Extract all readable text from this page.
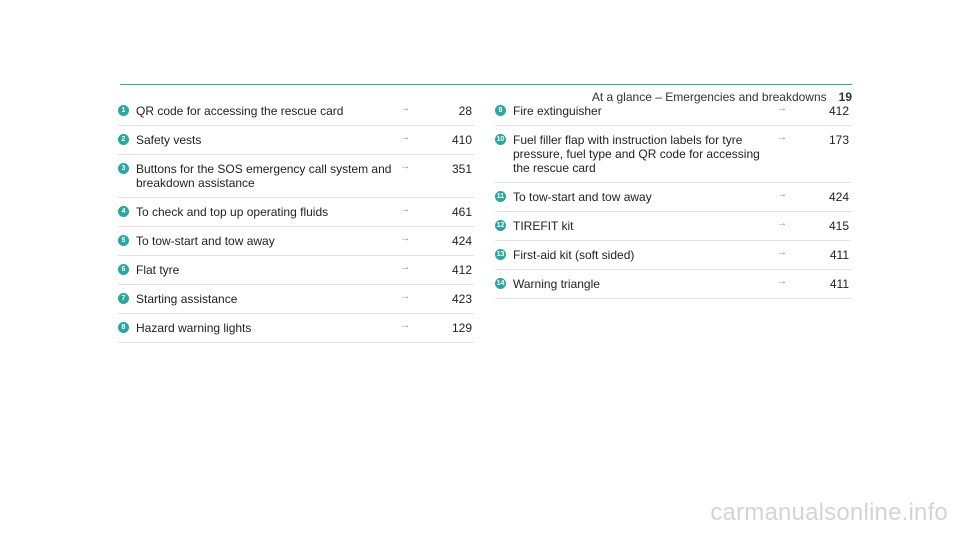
At a glance – Emergencies and breakdowns 19
1 QR code for accessing the rescue card	→	28
2 Safety vests	→	410
3 Buttons for the SOS emergency call system and breakdown assistance
→	351
4 To check and top up operating fluids	→	461
5 To tow-start and tow away	→	424
6 Flat tyre	→	412
7 Starting assistance	→	423
8 Hazard warning lights	→	129
9 Fire extinguisher	→	412
10 Fuel filler flap with instruction labels for tyre pressure, fuel type and QR code for accessing the rescue card
→	173
11 To tow-start and tow away	→	424
12 TIREFIT kit	→	415
13 First-aid kit (soft sided)	→	411
14 Warning triangle	→	411
carmanualsonline.info
